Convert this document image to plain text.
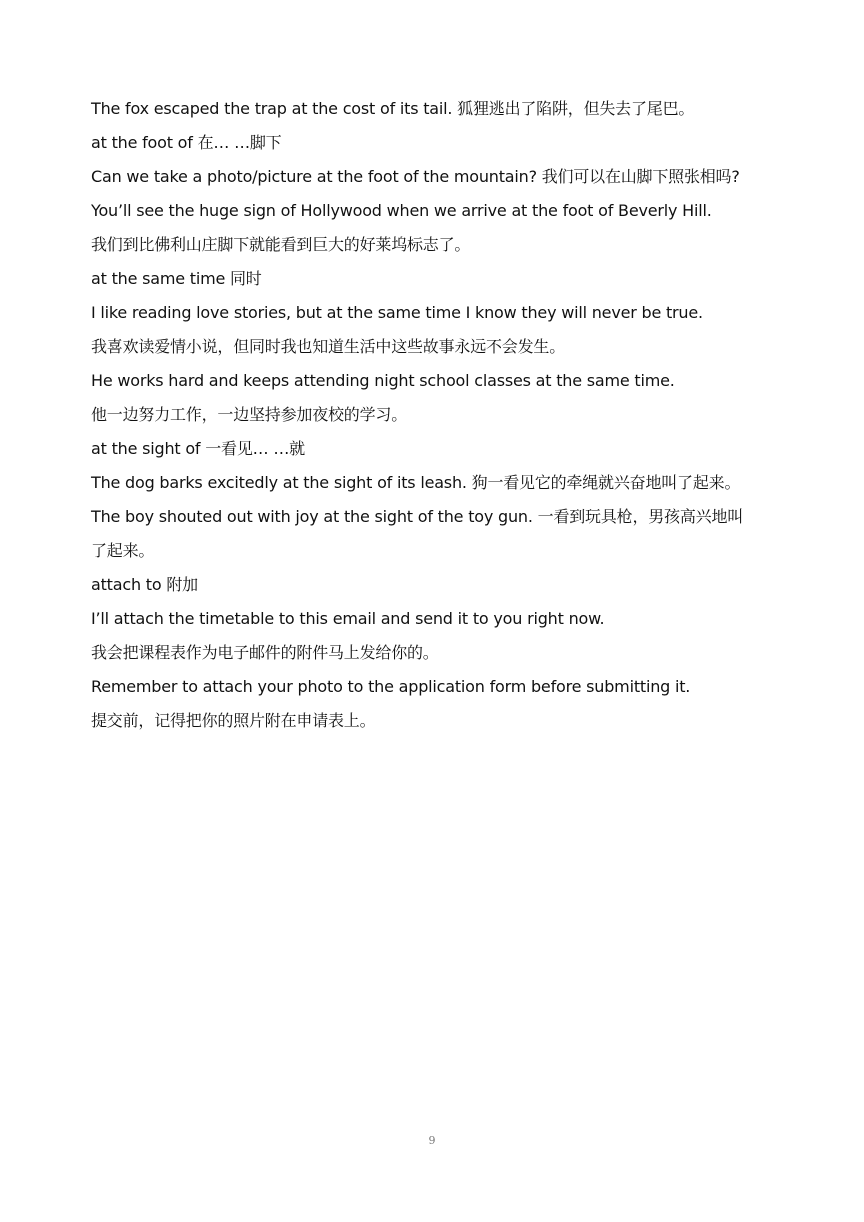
The fox escaped the trap at the cost of its tail. 狐狸逃出了陷阱，但失去了尾巴。
at the foot of 在… …脚下
Can we take a photo/picture at the foot of the mountain? 我们可以在山脚下照张相吗?
You’ll see the huge sign of Hollywood when we arrive at the foot of Beverly Hill.
我们到比佛利山庄脚下就能看到巨大的好莱坞标志了。
at the same time 同时
I like reading love stories, but at the same time I know they will never be true.
我喜欢读爱情小说，但同时我也知道生活中这些故事永远不会发生。
He works hard and keeps attending night school classes at the same time.
他一边努力工作，一边坚持参加夜校的学习。
at the sight of 一看见… …就
The dog barks excitedly at the sight of its leash. 狗一看见它的牵绳就兴奋地叫了起来。
The boy shouted out with joy at the sight of the toy gun. 一看到玩具枪，男孩高兴地叫
了起来。
attach to 附加
I’ll attach the timetable to this email and send it to you right now.
我会把课程表作为电子邮件的附件马上发给你的。
Remember to attach your photo to the application form before submitting it.
提交前，记得把你的照片附在申请表上。
9
